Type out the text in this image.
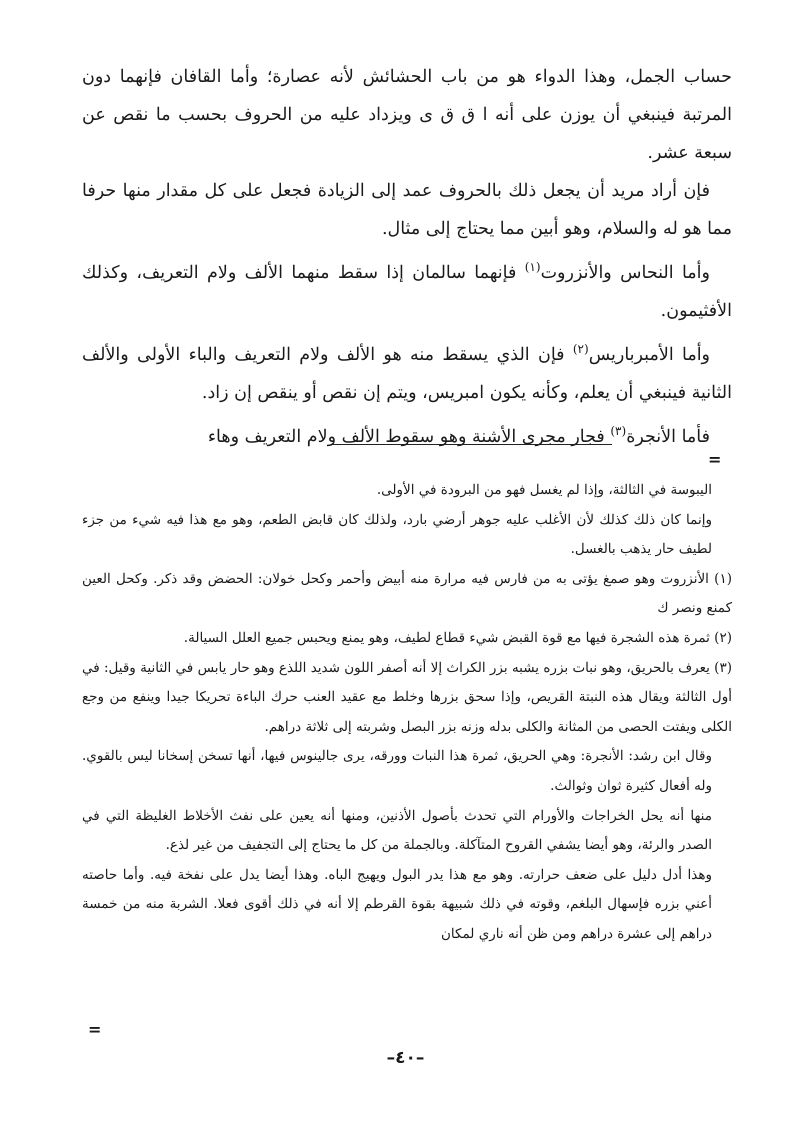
حساب الجمل، وهذا الدواء هو من باب الحشائش لأنه عصارة؛ وأما القافان فإنهما دون المرتبة فينبغي أن يوزن على أنه ا ق ق ى ويزداد عليه من الحروف بحسب ما نقص عن سبعة عشر.

فإن أراد مريد أن يجعل ذلك بالحروف عمد إلى الزيادة فجعل على كل مقدار منها حرفا مما هو له والسلام، وهو أبين مما يحتاج إلى مثال.

وأما النحاس والأنزروت$^{(١)}$ فإنهما سالمان إذا سقط منهما الألف ولام التعريف، وكذلك الأفثيمون.

وأما الأمبرباريس$^{(٢)}$ فإن الذي يسقط منه هو الألف ولام التعريف والباء الأولى والألف الثانية فينبغي أن يعلم، وكأنه يكون امبريس، ويتم إن نقص أو ينقص إن زاد.

فأما الأنجرة$^{(٣)}$ فجار مجرى الأشنة وهو سقوط الألف ولام التعريف وهاء

=

اليبوسة في الثالثة، وإذا لم يغسل فهو من البرودة في الأولى.

وإنما كان ذلك كذلك لأن الأغلب عليه جوهر أرضي بارد، ولذلك كان قابض الطعم، وهو مع هذا فيه شيء من جزء لطيف حار يذهب بالغسل.

(١) الأنزروت وهو صمغ يؤتى به من فارس فيه مرارة منه أبيض وأحمر وكحل خولان: الحضض وقد ذكر. وكحل العين كمنع ونصر ك

(٢) ثمرة هذه الشجرة فيها مع قوة القبض شيء قطاع لطيف، وهو يمنع ويحبس جميع العلل السيالة.

(٣) يعرف بالحريق، وهو نبات بزره يشبه بزر الكراث إلا أنه أصفر اللون شديد اللذع وهو حار يابس في الثانية وقيل: في أول الثالثة ويقال هذه النبتة القريص، وإذا سحق بزرها وخلط مع عقيد العنب حرك الباءة تحريكا جيدا وينفع من وجع الكلى ويفتت الحصى من المثانة والكلى بدله وزنه بزر البصل وشربته إلى ثلاثة دراهم.

وقال ابن رشد: الأنجرة: وهي الحريق، ثمرة هذا النبات وورقه، يرى جالينوس فيها، أنها تسخن إسخانا ليس بالقوي. وله أفعال كثيرة ثوان وثوالث.

منها أنه يحل الخراجات والأورام التي تحدث بأصول الأذنين، ومنها أنه يعين على نفث الأخلاط الغليظة التي في الصدر والرئة، وهو أيضا يشفي القروح المتآكلة. وبالجملة من كل ما يحتاج إلى التجفيف من غير لذع.

وهذا أدل دليل على ضعف حرارته. وهو مع هذا يدر البول ويهيج الباه. وهذا أيضا يدل على نفخة فيه. وأما حاصته أعني بزره فإسهال البلغم، وقوته في ذلك شبيهة بقوة القرطم إلا أنه في ذلك أقوى فعلا. الشربة منه من خمسة دراهم إلى عشرة دراهم ومن ظن أنه ناري لمكان

=
–٤٠–
